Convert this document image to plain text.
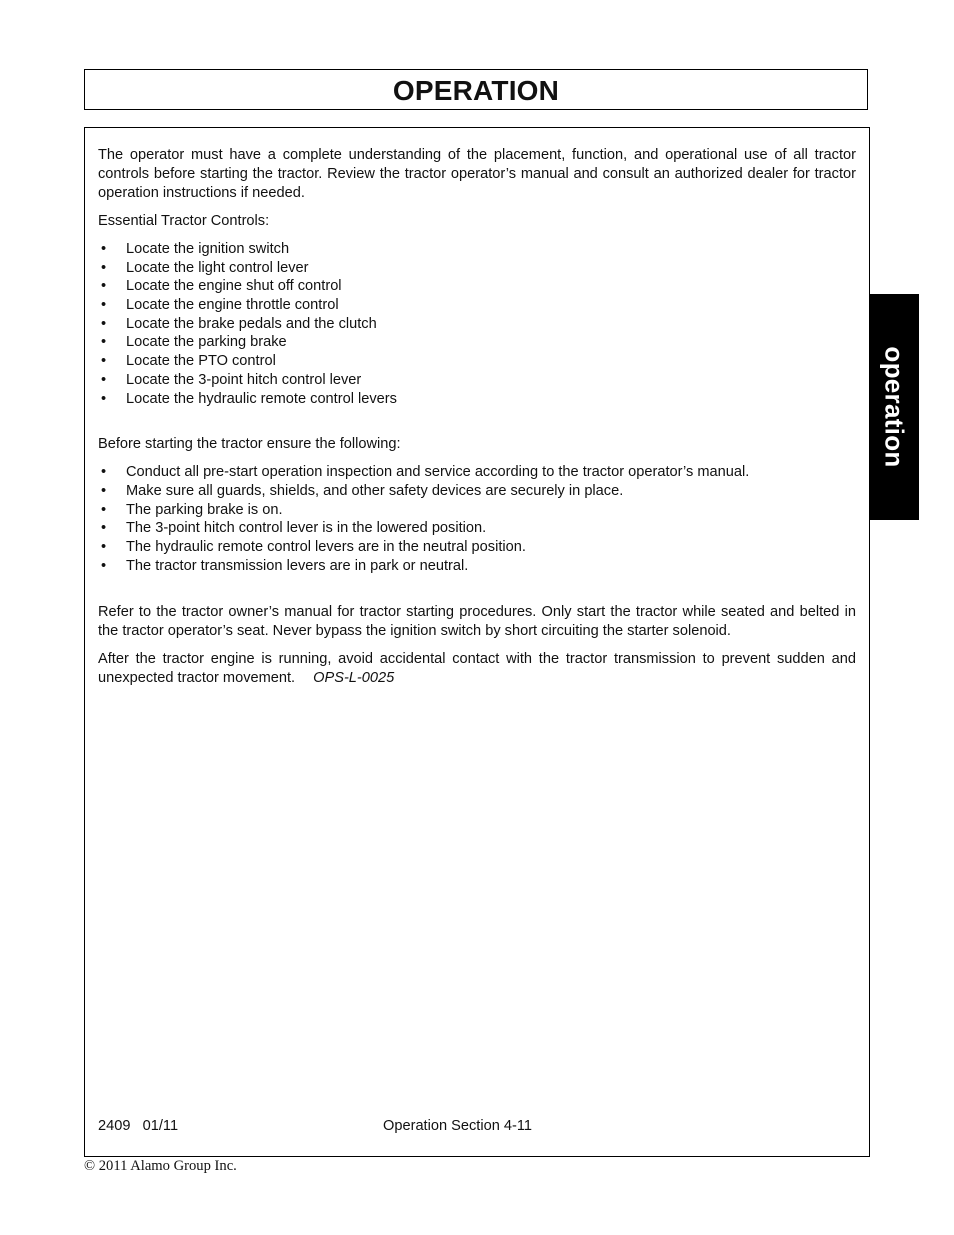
OPERATION

The operator must have a complete understanding of the placement, function, and operational use of all tractor controls before starting the tractor. Review the tractor operator’s manual and consult an authorized dealer for tractor operation instructions if needed.

Essential Tractor Controls:

• Locate the ignition switch
• Locate the light control lever
• Locate the engine shut off control
• Locate the engine throttle control
• Locate the brake pedals and the clutch
• Locate the parking brake
• Locate the PTO control
• Locate the 3-point hitch control lever
• Locate the hydraulic remote control levers

Before starting the tractor ensure the following:

• Conduct all pre-start operation inspection and service according to the tractor operator’s manual.
• Make sure all guards, shields, and other safety devices are securely in place.
• The parking brake is on.
• The 3-point hitch control lever is in the lowered position.
• The hydraulic remote control levers are in the neutral position.
• The tractor transmission levers are in park or neutral.

Refer to the tractor owner’s manual for tractor starting procedures. Only start the tractor while seated and belted in the tractor operator’s seat. Never bypass the ignition switch by short circuiting the starter solenoid.

After the tractor engine is running, avoid accidental contact with the tractor transmission to prevent sudden and unexpected tractor movement. OPS-L-0025

2409   01/11	Operation Section 4-11
© 2011 Alamo Group Inc.
operation
